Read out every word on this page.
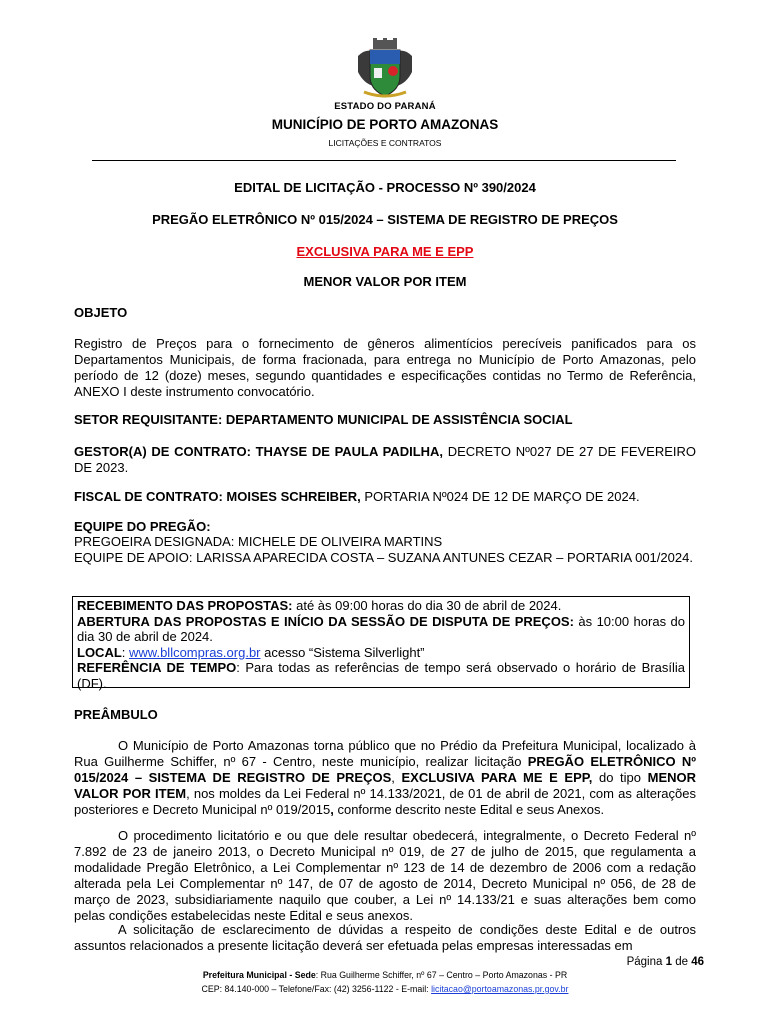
ESTADO DO PARANÁ
MUNICÍPIO DE PORTO AMAZONAS
LICITAÇÕES E CONTRATOS
EDITAL DE LICITAÇÃO - PROCESSO Nº 390/2024
PREGÃO ELETRÔNICO Nº 015/2024 – SISTEMA DE REGISTRO DE PREÇOS
EXCLUSIVA PARA ME E EPP
MENOR VALOR POR ITEM

OBJETO

Registro de Preços para o fornecimento de gêneros alimentícios perecíveis panificados para os Departamentos Municipais, de forma fracionada, para entrega no Município de Porto Amazonas, pelo período de 12 (doze) meses, segundo quantidades e especificações contidas no Termo de Referência, ANEXO I deste instrumento convocatório.

SETOR REQUISITANTE: DEPARTAMENTO MUNICIPAL DE ASSISTÊNCIA SOCIAL

GESTOR(A) DE CONTRATO: THAYSE DE PAULA PADILHA, DECRETO Nº027 DE 27 DE FEVEREIRO DE 2023.

FISCAL DE CONTRATO: MOISES SCHREIBER, PORTARIA Nº024 DE 12 DE MARÇO DE 2024.

EQUIPE DO PREGÃO:

PREGOEIRA DESIGNADA: MICHELE DE OLIVEIRA MARTINS

EQUIPE DE APOIO: LARISSA APARECIDA COSTA – SUZANA ANTUNES CEZAR – PORTARIA 001/2024.

RECEBIMENTO DAS PROPOSTAS: até às 09:00 horas do dia 30 de abril de 2024.

ABERTURA DAS PROPOSTAS E INÍCIO DA SESSÃO DE DISPUTA DE PREÇOS: às 10:00 horas do dia 30 de abril de 2024.

LOCAL: www.bllcompras.org.br acesso “Sistema Silverlight”

REFERÊNCIA DE TEMPO: Para todas as referências de tempo será observado o horário de Brasília (DF).

PREÂMBULO

O Município de Porto Amazonas torna público que no Prédio da Prefeitura Municipal, localizado à Rua Guilherme Schiffer, nº 67 - Centro, neste município, realizar licitação PREGÃO ELETRÔNICO Nº 015/2024 – SISTEMA DE REGISTRO DE PREÇOS, EXCLUSIVA PARA ME E EPP, do tipo MENOR VALOR POR ITEM, nos moldes da Lei Federal nº 14.133/2021, de 01 de abril de 2021, com as alterações posteriores e Decreto Municipal nº 019/2015, conforme descrito neste Edital e seus Anexos.

O procedimento licitatório e ou que dele resultar obedecerá, integralmente, o Decreto Federal nº 7.892 de 23 de janeiro 2013, o Decreto Municipal nº 019, de 27 de julho de 2015, que regulamenta a modalidade Pregão Eletrônico, a Lei Complementar nº 123 de 14 de dezembro de 2006 com a redação alterada pela Lei Complementar nº 147, de 07 de agosto de 2014, Decreto Municipal nº 056, de 28 de março de 2023, subsidiariamente naquilo que couber, a Lei nº 14.133/21 e suas alterações bem como pelas condições estabelecidas neste Edital e seus anexos.

A solicitação de esclarecimento de dúvidas a respeito de condições deste Edital e de outros assuntos relacionados a presente licitação deverá ser efetuada pelas empresas interessadas em

Página 1 de 46
Prefeitura Municipal - Sede: Rua Guilherme Schiffer, nº 67 – Centro – Porto Amazonas - PR
CEP: 84.140-000 – Telefone/Fax: (42) 3256-1122 - E-mail: licitacao@portoamazonas.pr.gov.br
